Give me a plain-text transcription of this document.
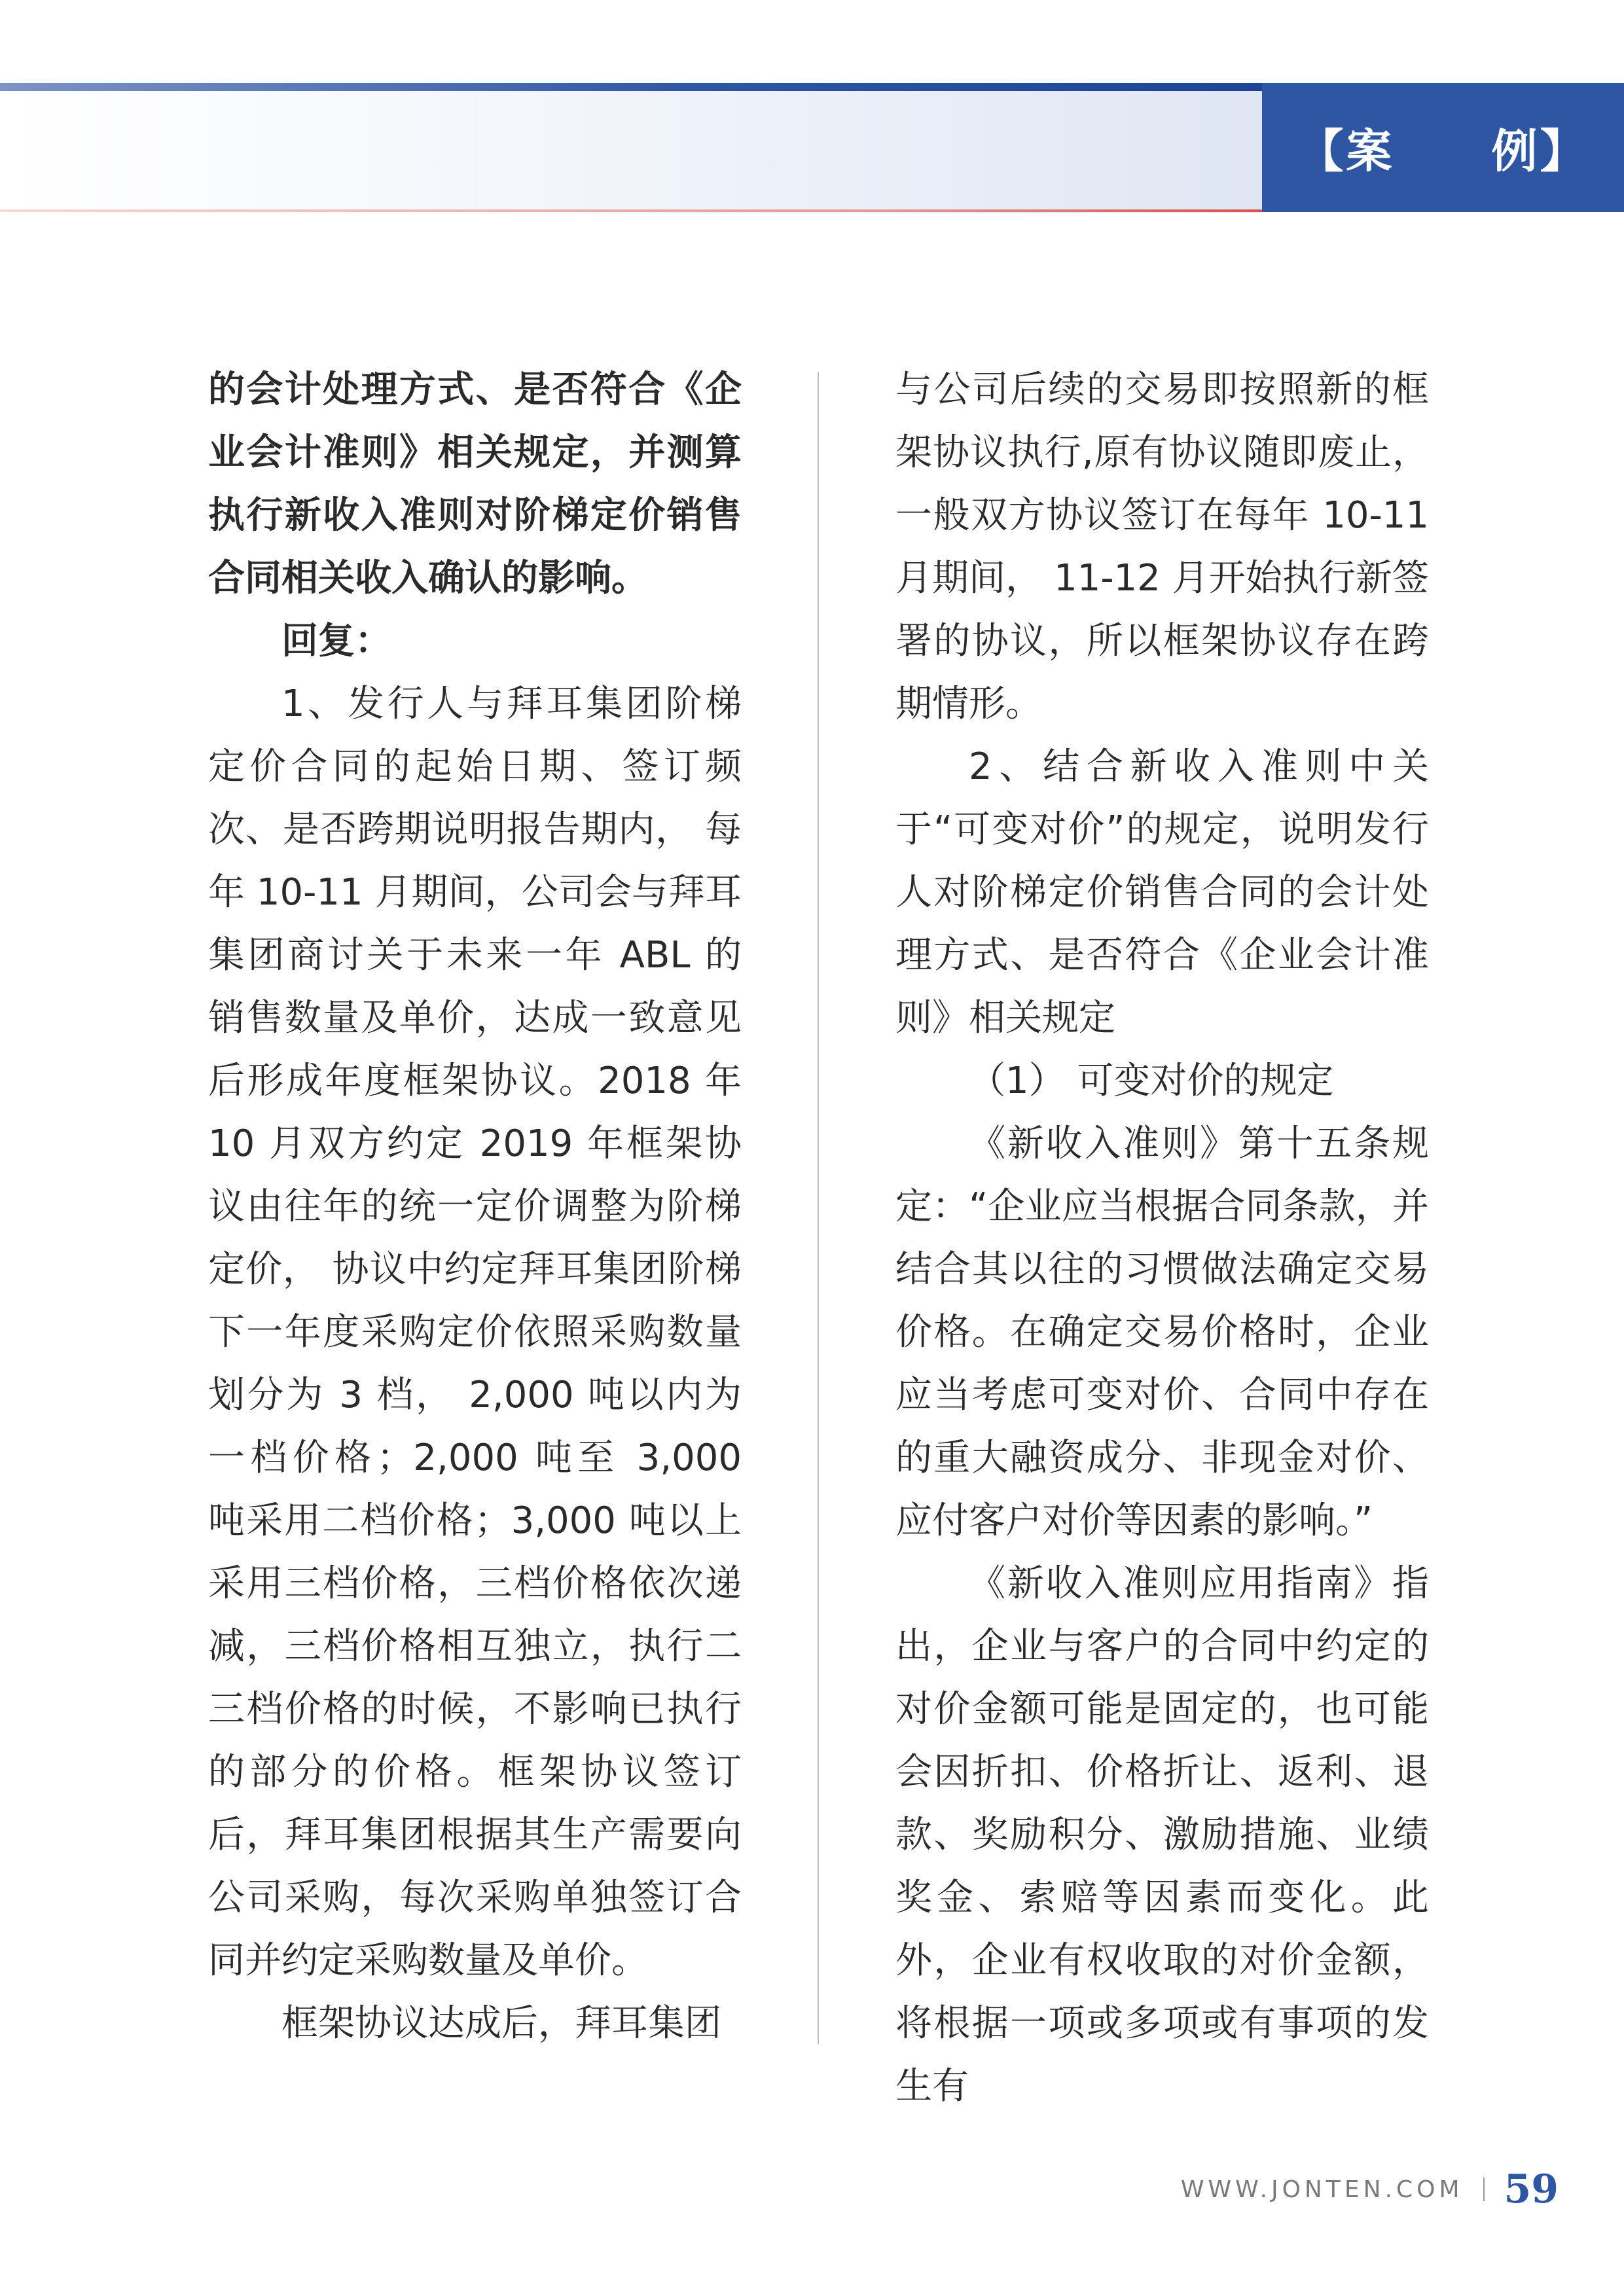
【案　　例】

的会计处理方式、是否符合《企业会计准则》相关规定，并测算执行新收入准则对阶梯定价销售合同相关收入确认的影响。

回复：

1、发行人与拜耳集团阶梯定价合同的起始日期、签订频次、是否跨期说明报告期内， 每年 10-11 月期间，公司会与拜耳集团商讨关于未来一年 ABL 的销售数量及单价，达成一致意见后形成年度框架协议。2018 年 10 月双方约定 2019 年框架协议由往年的统一定价调整为阶梯定价， 协议中约定拜耳集团阶梯下一年度采购定价依照采购数量划分为 3 档， 2,000 吨以内为一档价格；2,000 吨至 3,000 吨采用二档价格；3,000 吨以上采用三档价格，三档价格依次递减，三档价格相互独立，执行二三档价格的时候，不影响已执行的部分的价格。框架协议签订后，拜耳集团根据其生产需要向公司采购，每次采购单独签订合同并约定采购数量及单价。

框架协议达成后，拜耳集团

与公司后续的交易即按照新的框架协议执行,原有协议随即废止，一般双方协议签订在每年 10-11 月期间， 11-12 月开始执行新签署的协议，所以框架协议存在跨期情形。

2、结合新收入准则中关于“可变对价”的规定，说明发行人对阶梯定价销售合同的会计处理方式、是否符合《企业会计准则》相关规定

（1） 可变对价的规定

《新收入准则》第十五条规定：“企业应当根据合同条款，并结合其以往的习惯做法确定交易价格。在确定交易价格时，企业应当考虑可变对价、合同中存在的重大融资成分、非现金对价、应付客户对价等因素的影响。”

《新收入准则应用指南》指出，企业与客户的合同中约定的对价金额可能是固定的，也可能会因折扣、价格折让、返利、退款、奖励积分、激励措施、业绩奖金、索赔等因素而变化。此外，企业有权收取的对价金额，将根据一项或多项或有事项的发生有

WWW.JONTEN.COM 59
